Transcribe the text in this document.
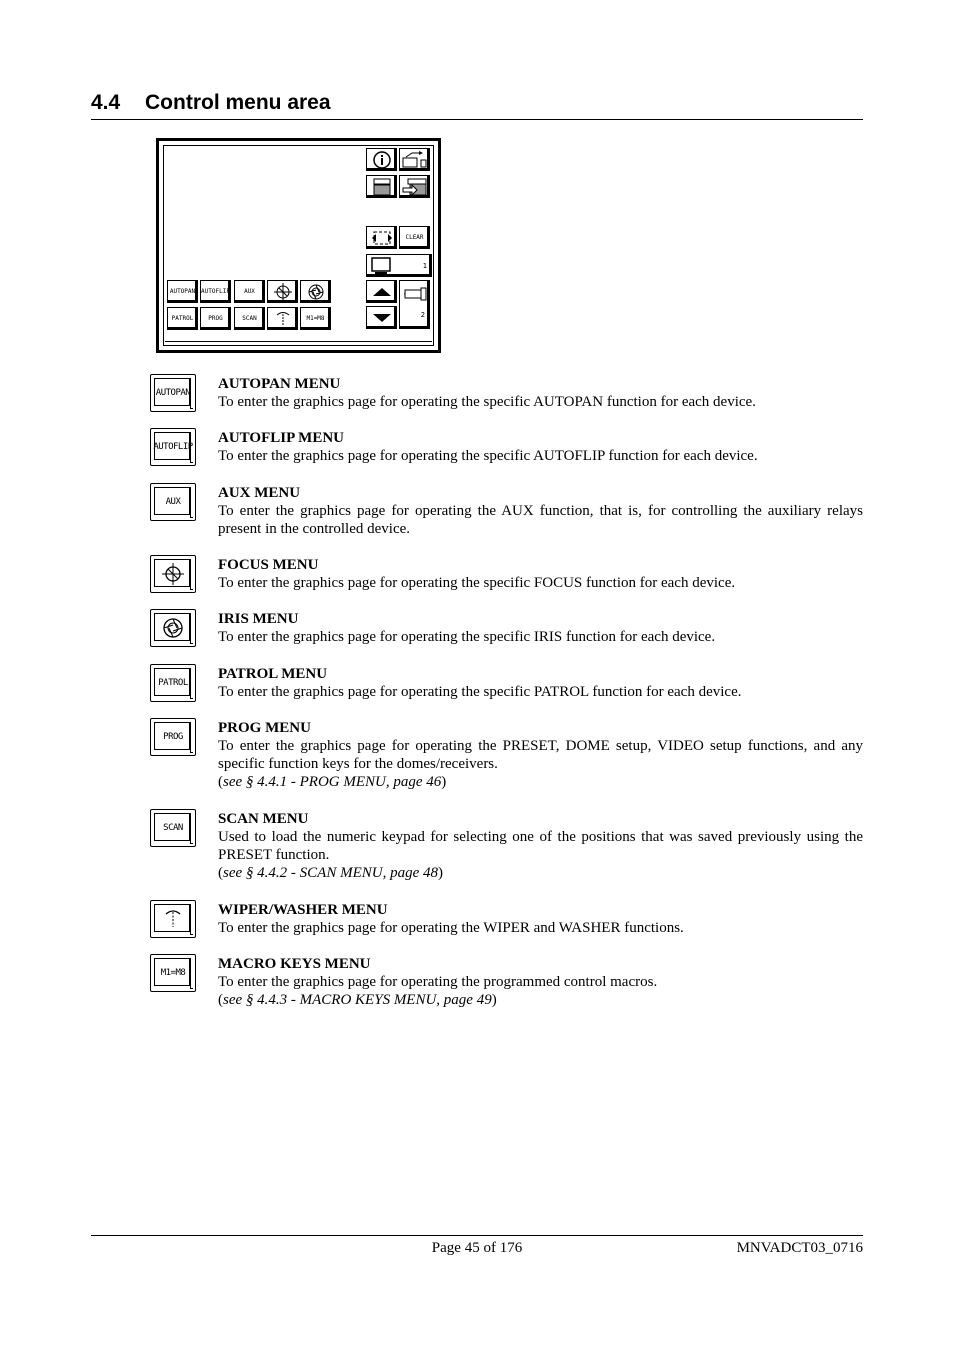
4.4 Control menu area
CLEAR
1
2
AUTOPAN AUTOFLIP	AUX
PATROL	PROG	SCAN	M1=M8
AUTOPAN
AUTOFLIP
AUX
PATROL
PROG
SCAN
M1=M8
AUTOPAN MENU
To enter the graphics page for operating the specific AUTOPAN function for each device.
AUTOFLIP MENU
To enter the graphics page for operating the specific AUTOFLIP function for each device.
AUX MENU
To enter the graphics page for operating the AUX function, that is, for controlling the auxiliary relays present in the controlled device.
FOCUS MENU
To enter the graphics page for operating the specific FOCUS function for each device.
IRIS MENU
To enter the graphics page for operating the specific IRIS function for each device.
PATROL MENU
To enter the graphics page for operating the specific PATROL function for each device.
PROG MENU
To enter the graphics page for operating the PRESET, DOME setup, VIDEO setup functions, and any specific function keys for the domes/receivers.
(see § 4.4.1 - PROG MENU, page 46)
SCAN MENU
Used to load the numeric keypad for selecting one of the positions that was saved previously using the PRESET function.
(see § 4.4.2 - SCAN MENU, page 48)
WIPER/WASHER MENU
To enter the graphics page for operating the WIPER and WASHER functions.
MACRO KEYS MENU
To enter the graphics page for operating the programmed control macros.
(see § 4.4.3 - MACRO KEYS MENU, page 49)
Page 45 of 176	MNVADCT03_0716
